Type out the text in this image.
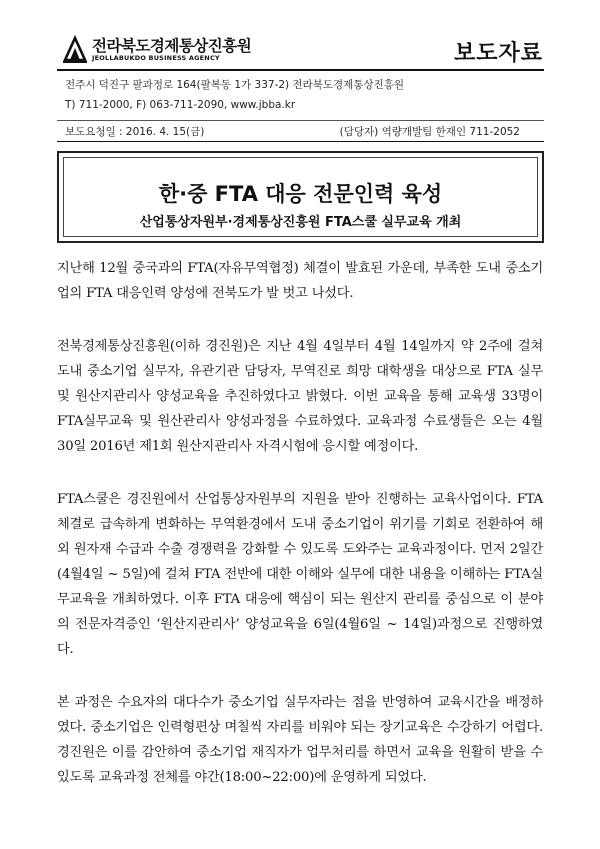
전라북도경제통상진흥원
JEOLLABUKDO BUSINESS AGENCY	보도자료
전주시 덕진구 팔과정로 164(팔복동 1가 337-2) 전라북도경제통상진흥원
T) 711-2000, F) 063-711-2090, www.jbba.kr
보도요청일 : 2016. 4. 15(금)	(담당자) 역량개발팀 한재인 711-2052
한·중 FTA 대응 전문인력 육성
산업통상자원부·경제통상진흥원 FTA스쿨 실무교육 개최

지난해 12월 중국과의 FTA(자유무역협정) 체결이 발효된 가운데, 부족한 도내 중소기업의 FTA 대응인력 양성에 전북도가 발 벗고 나섰다.

전북경제통상진흥원(이하 경진원)은 지난 4월 4일부터 4월 14일까지 약 2주에 걸쳐 도내 중소기업 실무자, 유관기관 담당자, 무역진로 희망 대학생을 대상으로 FTA 실무 및 원산지관리사 양성교육을 추진하였다고 밝혔다. 이번 교육을 통해 교육생 33명이 FTA실무교육 및 원산관리사 양성과정을 수료하였다. 교육과정 수료생들은 오는 4월 30일 2016년 제1회 원산지관리사 자격시험에 응시할 예정이다.

FTA스쿨은 경진원에서 산업통상자원부의 지원을 받아 진행하는 교육사업이다. FTA 체결로 급속하게 변화하는 무역환경에서 도내 중소기업이 위기를 기회로 전환하여 해외 원자재 수급과 수출 경쟁력을 강화할 수 있도록 도와주는 교육과정이다. 먼저 2일간(4월4일 ~ 5일)에 걸쳐 FTA 전반에 대한 이해와 실무에 대한 내용을 이해하는 FTA실무교육을 개최하였다. 이후 FTA 대응에 핵심이 되는 원산지 관리를 중심으로 이 분야의 전문자격증인 ‘원산지관리사’ 양성교육을 6일(4월6일 ~ 14일)과정으로 진행하였다.

본 과정은 수요자의 대다수가 중소기업 실무자라는 점을 반영하여 교육시간을 배정하였다. 중소기업은 인력형편상 며칠씩 자리를 비워야 되는 장기교육은 수강하기 어렵다. 경진원은 이를 감안하여 중소기업 재직자가 업무처리를 하면서 교육을 원활히 받을 수 있도록 교육과정 전체를 야간(18:00~22:00)에 운영하게 되었다.
